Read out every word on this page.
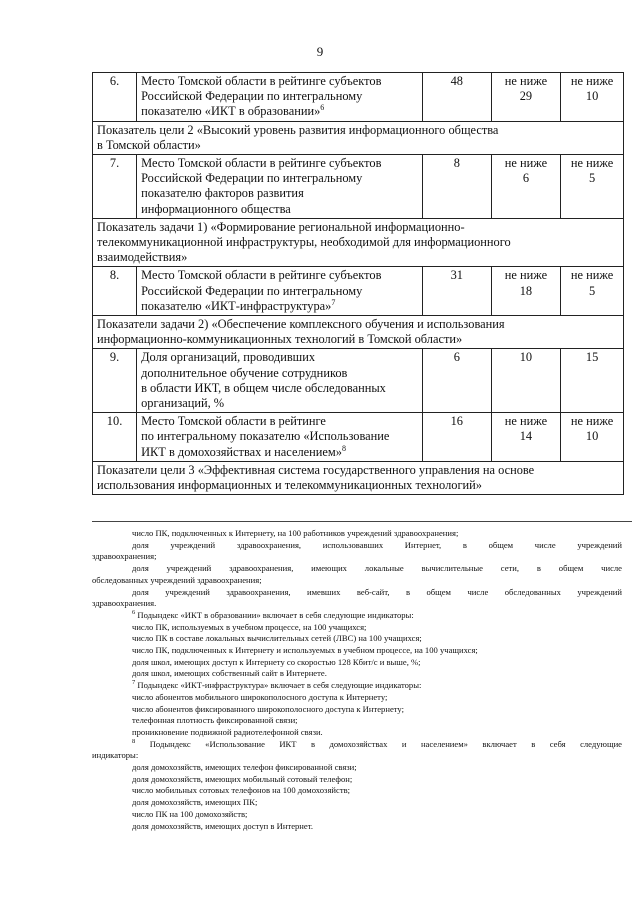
9
6.	Место Томской области в рейтинге субъектов
Российской Федерации по интегральному
показателю «ИКТ в образовании»$^6$	48	не ниже
29	не ниже
10

Показатель цели 2 «Высокий уровень развития информационного общества
в Томской области»				

7.	Место Томской области в рейтинге субъектов
Российской Федерации по интегральному
показателю факторов развития
информационного общества	8	не ниже
6	не ниже
5

Показатель задачи 1) «Формирование региональной информационно-
телекоммуникационной инфраструктуры, необходимой для информационного
взаимодействия»				

8.	Место Томской области в рейтинге субъектов
Российской Федерации по интегральному
показателю «ИКТ-инфраструктура»$^7$	31	не ниже
18	не ниже
5

Показатели задачи 2) «Обеспечение комплексного обучения и использования
информационно-коммуникационных технологий в Томской области»				

9.	Доля организаций, проводивших
дополнительное обучение сотрудников
в области ИКТ, в общем числе обследованных
организаций, %	6	10	15

10.	Место Томской области в рейтинге
по интегральному показателю «Использование
ИКТ в домохозяйствах и населением»$^8$	16	не ниже
14	не ниже
10

Показатели цели 3 «Эффективная система государственного управления на основе
использования информационных и телекоммуникационных технологий»				
число ПК, подключенных к Интернету, на 100 работников учреждений здравоохранения;
доля учреждений здравоохранения, использовавших Интернет, в общем числе учреждений
здравоохранения;
доля учреждений здравоохранения, имеющих локальные вычислительные сети, в общем числе
обследованных учреждений здравоохранения;
доля учреждений здравоохранения, имевших веб-сайт, в общем числе обследованных учреждений
здравоохранения.
$^6$ Подындекс «ИКТ в образовании» включает в себя следующие индикаторы:
число ПК, используемых в учебном процессе, на 100 учащихся;
число ПК в составе локальных вычислительных сетей (ЛВС) на 100 учащихся;
число ПК, подключенных к Интернету и используемых в учебном процессе, на 100 учащихся;
доля школ, имеющих доступ к Интернету со скоростью 128 Кбит/с и выше, %;
доля школ, имеющих собственный сайт в Интернете.
$^7$ Подындекс «ИКТ-инфраструктура» включает в себя следующие индикаторы:
число абонентов мобильного широкополосного доступа к Интернету;
число абонентов фиксированного широкополосного доступа к Интернету;
телефонная плотность фиксированной связи;
проникновение подвижной радиотелефонной связи.
$^8$ Подындекс «Использование ИКТ в домохозяйствах и населением» включает в себя следующие
индикаторы:
доля домохозяйств, имеющих телефон фиксированной связи;
доля домохозяйств, имеющих мобильный сотовый телефон;
число мобильных сотовых телефонов на 100 домохозяйств;
доля домохозяйств, имеющих ПК;
число ПК на 100 домохозяйств;
доля домохозяйств, имеющих доступ в Интернет.
